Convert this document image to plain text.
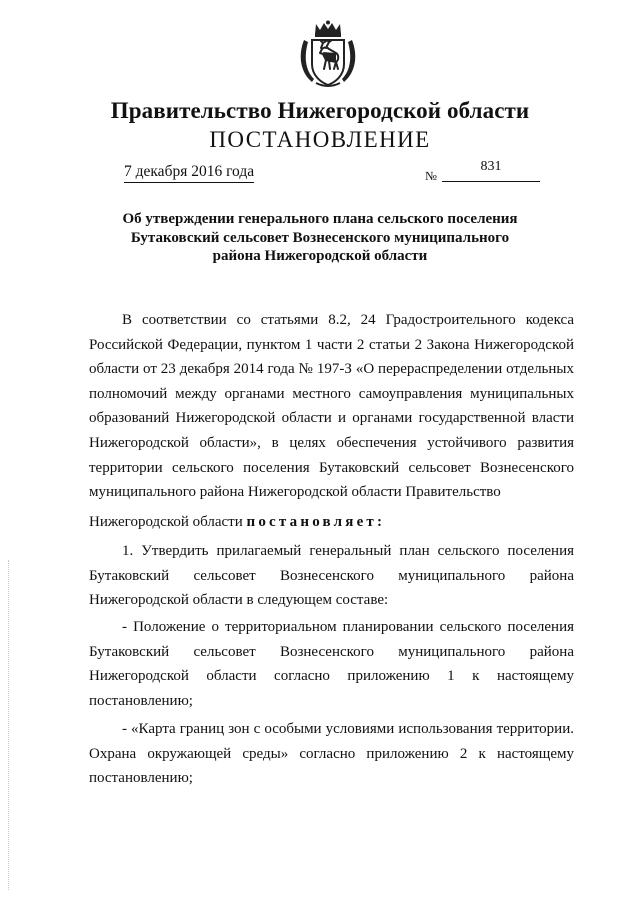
Правительство Нижегородской области
ПОСТАНОВЛЕНИЕ
7 декабря 2016 года	№
831
Об утверждении генерального плана сельского поселения
Бутаковский сельсовет Вознесенского муниципального
района Нижегородской области

В соответствии со статьями 8.2, 24 Градостроительного кодекса Российской Федерации, пунктом 1 части 2 статьи 2 Закона Нижегородской области от 23 декабря 2014 года № 197-З «О перераспределении отдельных полномочий между органами местного самоуправления муниципальных образований Нижегородской области и органами государственной власти Нижегородской области», в целях обеспечения устойчивого развития территории сельского поселения Бутаковский сельсовет Вознесенского муниципального района Нижегородской области Правительство

Нижегородской области постановляет:

1. Утвердить прилагаемый генеральный план сельского поселения Бутаковский сельсовет Вознесенского муниципального района Нижегородской области в следующем составе:

- Положение о территориальном планировании сельского поселения Бутаковский сельсовет Вознесенского муниципального района Нижегородской области согласно приложению 1 к настоящему постановлению;

- «Карта границ зон с особыми условиями использования территории. Охрана окружающей среды» согласно приложению 2 к настоящему постановлению;
